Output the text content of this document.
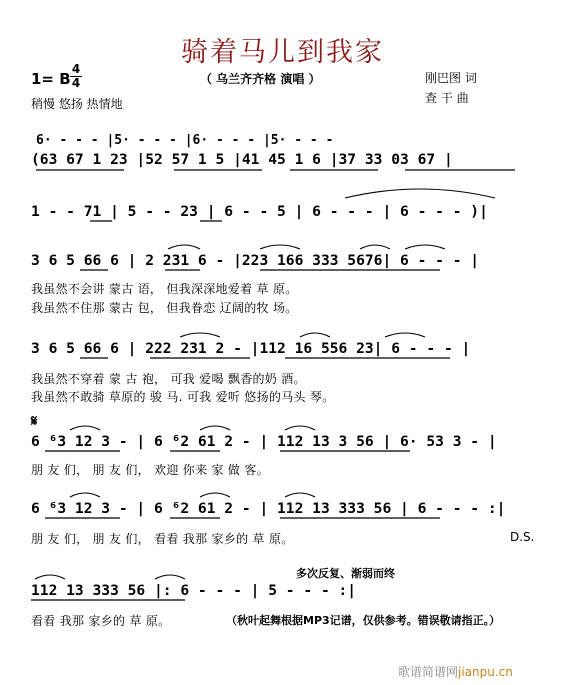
骑着马儿到我家
1= B
4
4	（ 乌兰齐齐格 演唱 ）
稍慢 悠扬 热情地
刚巴图 词
查 干 曲
6· - - - |5· - - - |6· - - - |5· - - -
(63 67 1 23 |52 57 1 5 |41 45 1 6 |37 33 03 67 |
1 - - 71 | 5 - - 23 | 6 - - 5 | 6 - - - | 6 - - - )|
3 6 5 66 6 | 2 231 6 - |223 166 333 5676| 6 - - - |
我虽然不会讲 蒙古 语， 但我深深地爱着 草 原。
我虽然不住那 蒙古 包， 但我眷恋 辽阔的牧 场。
3 6 5 66 6 | 222 231 2 - |112 16 556 23| 6 - - - |
我虽然不穿着 蒙 古 袍， 可我 爱喝 飘香的奶 酒。
我虽然不敢骑 草原的 骏 马. 可我 爱听 悠扬的马头 琴。
𝄋
6 ⁶3 12 3 - | 6 ⁶2 61 2 - | 112 13 3 56 | 6· 53 3 - |
朋 友 们， 朋 友 们， 欢迎 你来 家 做 客。
6 ⁶3 12 3 - | 6 ⁶2 61 2 - | 112 13 333 56 | 6 - - - :|
朋 友 们， 朋 友 们， 看看 我那 家乡的 草 原。	D.S.
多次反复、渐弱而终
112 13 333 56 |: 6 - - - | 5 - - - :|
看看 我那 家乡的 草 原。	（秋叶起舞根据MP3记谱，仅供参考。错误敬请指正。）
歌谱简谱网jianpu.cn
